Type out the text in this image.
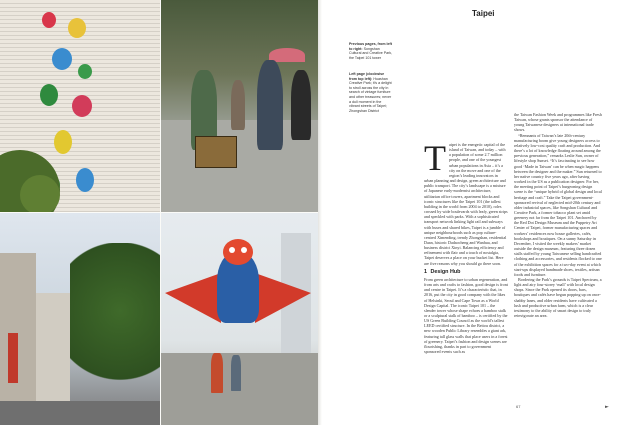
Taipei
Previous pages, from left to right: Songshan Cultural and Creative Park, the Taipei 101 tower
Left page (clockwise from top left): Huashan Creative Park; it’s a delight to stroll across the city in search of vintage furniture and other treasures; never a dull moment in the vibrant streets of Taipei; Zhongshan District
T aipei is the energetic capital of the island of Taiwan, and today – with a population of some 2.7 million people, and one of the youngest urban populations in Asia – it’s a city on the move and one of the region’s leading innovators in urban planning and design, green architecture and public transport. The city’s landscape is a mixture of Japanese early-modernist architecture, utilitarian office towers, apartment blocks and iconic structures like the Taipei 101 (the tallest building in the world from 2004 to 2010), roles crossed by wide boulevards with leafy, green strips and speckled with parks. With a sophisticated transport network linking light rail and subways with buses and shared bikes, Taipei is a jumble of unique neighbourhoods such as pop culture-centred Ximending, trendy Zhongshan, residential Daan, historic Dadaocheng and Wanhua, and business district Xinyi. Balancing efficiency and refinement with flair and a touch of nostalgia, Taipei deserves a place on your bucket list. Here are five reasons why you should go there soon.

1 Design Hub

From green architecture to urban regeneration, and from arts and crafts to fashion, good design is front and centre in Taipei. It’s a characteristic that, in 2016, put the city in good company with the likes of Helsinki, Seoul and Cape Town as a World Design Capital. The iconic Taipei 101 – the slender tower whose shape echoes a bamboo stalk or a sculptural stalk of bamboo – is certified by the US Green Building Council as the world’s tallest LEED certified structure. In the Beitou district, a new wooden Public Library resembles a giant ark, featuring tall glass walls that place users in a forest of greenery. Taipei’s fashion and design scenes are flourishing, thanks in part to government sponsored events such as

the Taiwan Fashion Week and programmes like Fresh Taiwan, whose grants sponsor the attendance of young Taiwanese designers at international trade shows.

“Remnants of Taiwan’s late 20th-century manufacturing boom give young designers access to relatively low-cost quality craft and production. And there’s a lot of knowledge floating around among the previous generation,” remarks Leslie Sun, owner of lifestyle shop Sunset. “It’s fascinating to see how good ‘Made in Taiwan’ can be when magic happens between the designer and the maker.” Sun returned to her native country five years ago, after having worked in the US as a publication designer. For her, the meeting point of Taipei’s burgeoning design scene is the “unique hybrid of global design and local heritage and craft.” Take the Taipei government-sponsored revival of neglected mid-20th century and older industrial spaces, like Songshan Cultural and Creative Park, a former tobacco plant set amid greenery not far from the Taipei 101. Anchored by the Red Dot Design Museum and the Puppetry Art Center of Taipei, former manufacturing spaces and workers’ residences now house galleries, cafés, bookshops and boutiques. On a sunny Saturday in December, I visited the weekly makers’ market outside the design museum, featuring three dozen stalls staffed by young Taiwanese selling handcrafted clothing and accessories, and residents flocked to one of the exhibition spaces for a two-day event at which start-ups displayed handmade shoes, textiles, artisan foods and furniture.

Bordering the Park’s grounds is Taipei Spectrum, a light and airy four-storey ‘mall’ with local design shops. Since the Park opened its doors, bars, boutiques and cafés have begun popping up on once-shabby lanes, and older residents have cultivated a lush and productive urban farm, which is a clear testimony to the ability of smart design to truly reinvigorate an area.

67	►
